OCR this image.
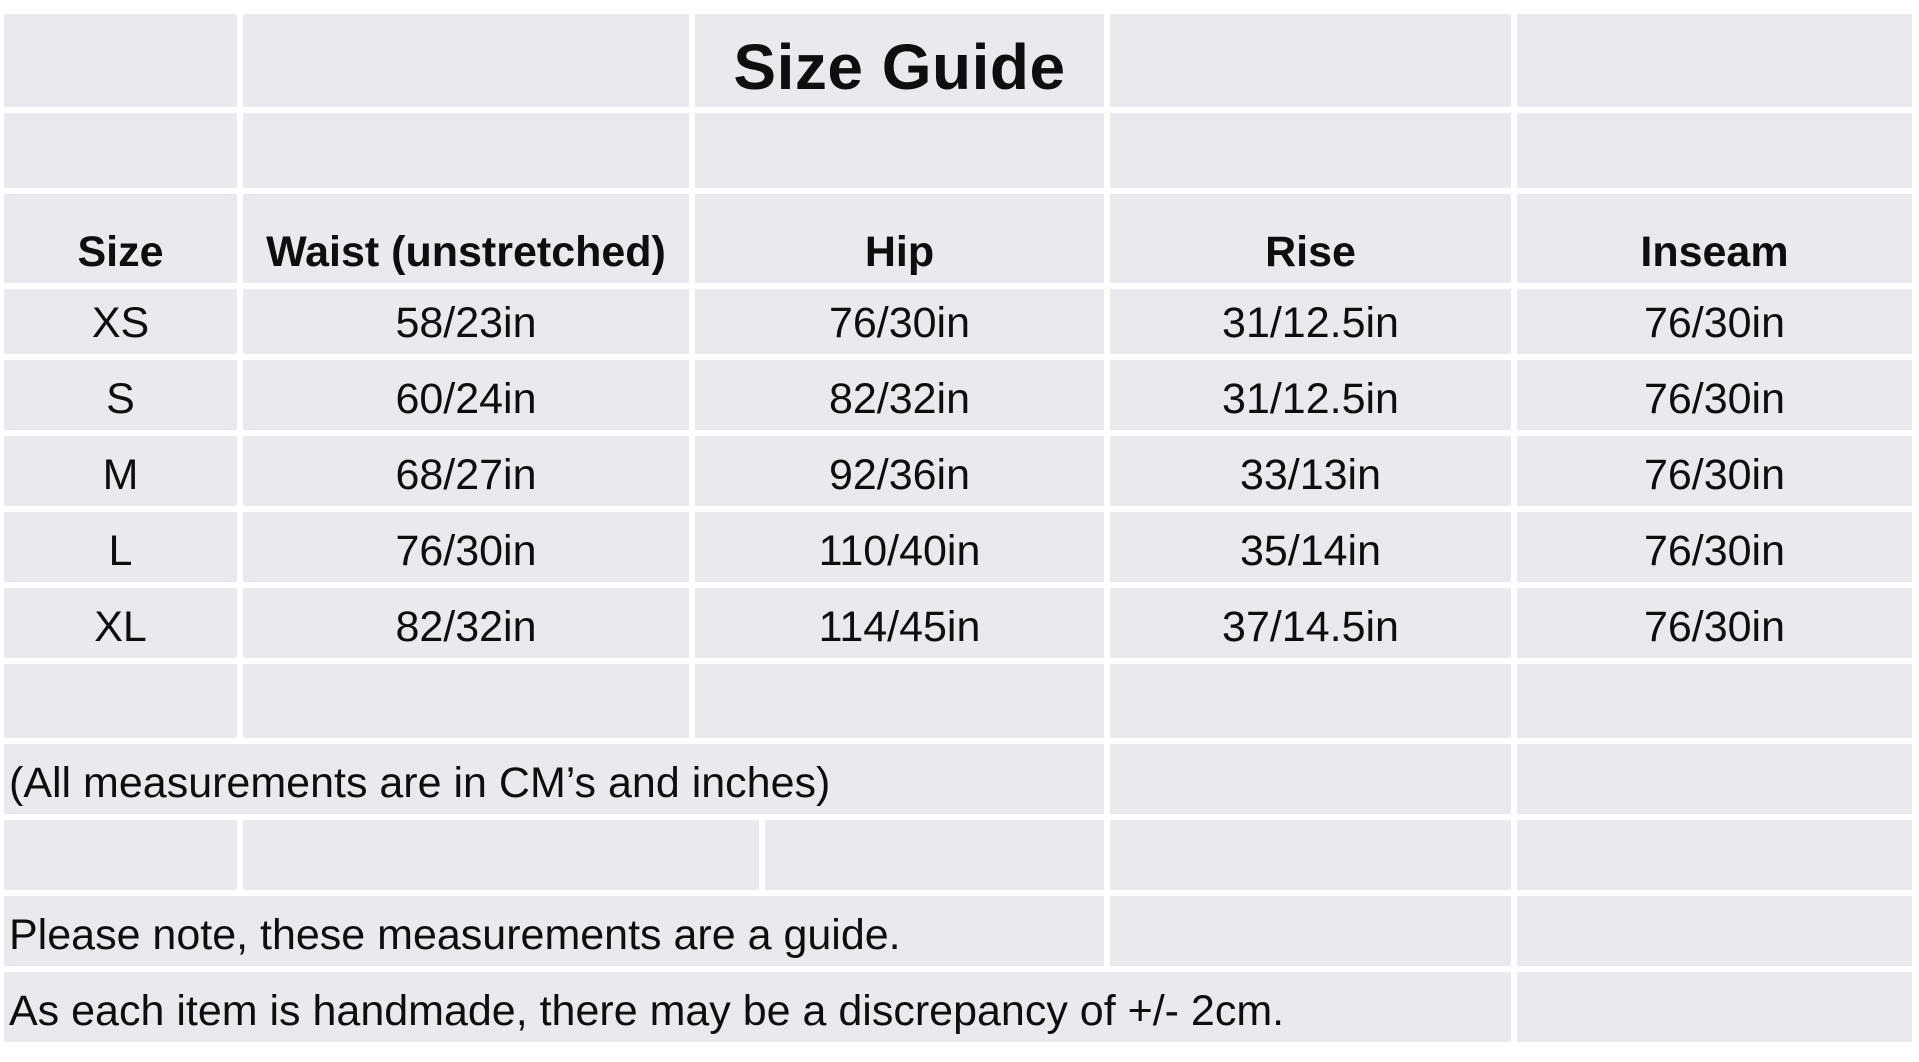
Size Guide
Size	Waist (unstretched)	Hip	Rise	Inseam
XS	58/23in	76/30in	31/12.5in	76/30in
S	60/24in	82/32in	31/12.5in	76/30in
M	68/27in	92/36in	33/13in	76/30in
L	76/30in	110/40in	35/14in	76/30in
XL	82/32in	114/45in	37/14.5in	76/30in
(All measurements are in CM’s and inches)
Please note, these measurements are a guide.
As each item is handmade, there may be a discrepancy of +/- 2cm.
